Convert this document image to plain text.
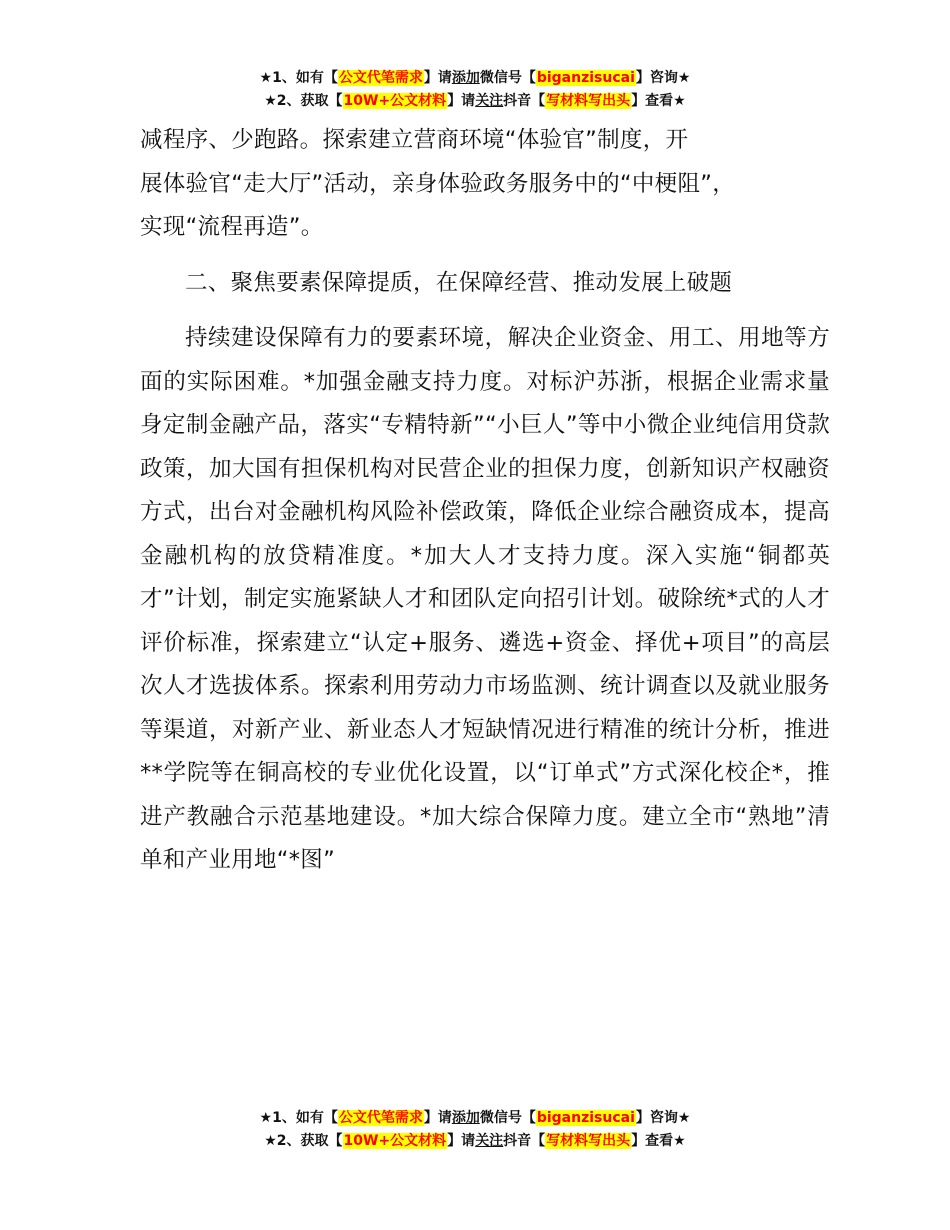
★1、如有【公文代笔需求】请添加微信号【biganzisucai】咨询★
★2、获取【10W+公文材料】请关注抖音【写材料写出头】查看★

减程序、少跑路。探索建立营商环境“体验官”制度，开

展体验官“走大厅”活动，亲身体验政务服务中的“中梗阻”，

实现“流程再造”。

二、聚焦要素保障提质，在保障经营、推动发展上破题

持续建设保障有力的要素环境，解决企业资金、用工、用地等方面的实际困难。*加强金融支持力度。对标沪苏浙，根据企业需求量身定制金融产品，落实“专精特新”“小巨人”等中小微企业纯信用贷款政策，加大国有担保机构对民营企业的担保力度，创新知识产权融资方式，出台对金融机构风险补偿政策，降低企业综合融资成本，提高金融机构的放贷精准度。*加大人才支持力度。深入实施“铜都英才”计划，制定实施紧缺人才和团队定向招引计划。破除统*式的人才评价标准，探索建立“认定+服务、遴选+资金、择优+项目”的高层次人才选拔体系。探索利用劳动力市场监测、统计调查以及就业服务等渠道，对新产业、新业态人才短缺情况进行精准的统计分析，推进**学院等在铜高校的专业优化设置，以“订单式”方式深化校企*，推进产教融合示范基地建设。*加大综合保障力度。建立全市“熟地”清单和产业用地“*图”

★1、如有【公文代笔需求】请添加微信号【biganzisucai】咨询★
★2、获取【10W+公文材料】请关注抖音【写材料写出头】查看★
